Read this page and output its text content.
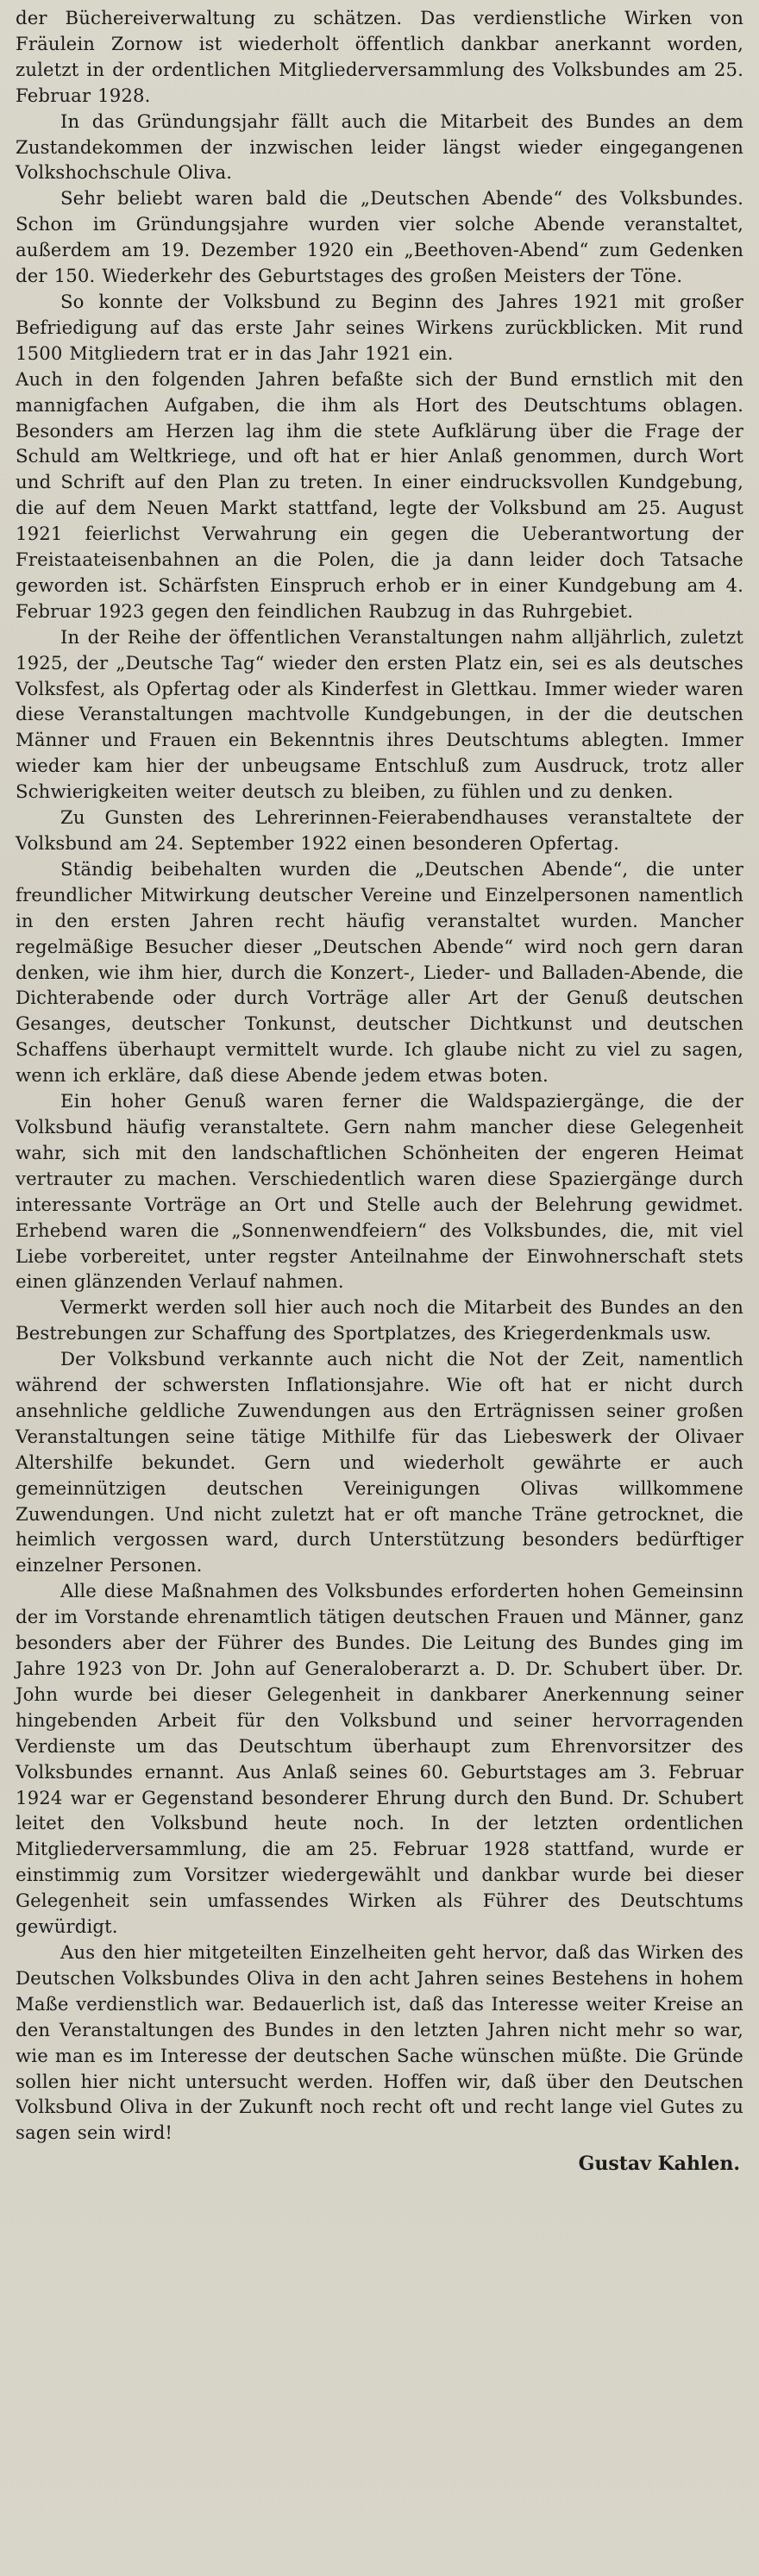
der Büchereiverwaltung zu schätzen. Das verdienstliche Wirken von Fräulein Zornow ist wiederholt öffentlich dankbar anerkannt worden, zuletzt in der ordentlichen Mitgliederversammlung des Volksbundes am 25. Februar 1928.

In das Gründungsjahr fällt auch die Mitarbeit des Bundes an dem Zustandekommen der inzwischen leider längst wieder eingegangenen Volkshochschule Oliva.

Sehr beliebt waren bald die „Deutschen Abende“ des Volksbundes. Schon im Gründungsjahre wurden vier solche Abende veranstaltet, außerdem am 19. Dezember 1920 ein „Beethoven-Abend“ zum Gedenken der 150. Wiederkehr des Geburtstages des großen Meisters der Töne.

So konnte der Volksbund zu Beginn des Jahres 1921 mit großer Befriedigung auf das erste Jahr seines Wirkens zurückblicken. Mit rund 1500 Mitgliedern trat er in das Jahr 1921 ein.

Auch in den folgenden Jahren befaßte sich der Bund ernstlich mit den mannigfachen Aufgaben, die ihm als Hort des Deutschtums oblagen. Besonders am Herzen lag ihm die stete Aufklärung über die Frage der Schuld am Weltkriege, und oft hat er hier Anlaß genommen, durch Wort und Schrift auf den Plan zu treten. In einer eindrucksvollen Kundgebung, die auf dem Neuen Markt stattfand, legte der Volksbund am 25. August 1921 feierlichst Verwahrung ein gegen die Ueberantwortung der Freistaateisenbahnen an die Polen, die ja dann leider doch Tatsache geworden ist. Schärfsten Einspruch erhob er in einer Kundgebung am 4. Februar 1923 gegen den feindlichen Raubzug in das Ruhrgebiet.

In der Reihe der öffentlichen Veranstaltungen nahm alljährlich, zuletzt 1925, der „Deutsche Tag“ wieder den ersten Platz ein, sei es als deutsches Volksfest, als Opfertag oder als Kinderfest in Glettkau. Immer wieder waren diese Veranstaltungen machtvolle Kundgebungen, in der die deutschen Männer und Frauen ein Bekenntnis ihres Deutschtums ablegten. Immer wieder kam hier der unbeugsame Entschluß zum Ausdruck, trotz aller Schwierigkeiten weiter deutsch zu bleiben, zu fühlen und zu denken.

Zu Gunsten des Lehrerinnen-Feierabendhauses veranstaltete der Volksbund am 24. September 1922 einen besonderen Opfertag.

Ständig beibehalten wurden die „Deutschen Abende“, die unter freundlicher Mitwirkung deutscher Vereine und Einzelpersonen namentlich in den ersten Jahren recht häufig veranstaltet wurden. Mancher regelmäßige Besucher dieser „Deutschen Abende“ wird noch gern daran denken, wie ihm hier, durch die Konzert-, Lieder- und Balladen-Abende, die Dichterabende oder durch Vorträge aller Art der Genuß deutschen Gesanges, deutscher Tonkunst, deutscher Dichtkunst und deutschen Schaffens überhaupt vermittelt wurde. Ich glaube nicht zu viel zu sagen, wenn ich erkläre, daß diese Abende jedem etwas boten.

Ein hoher Genuß waren ferner die Waldspaziergänge, die der Volksbund häufig veranstaltete. Gern nahm mancher diese Gelegenheit wahr, sich mit den landschaftlichen Schönheiten der engeren Heimat vertrauter zu machen. Verschiedentlich waren diese Spaziergänge durch interessante Vorträge an Ort und Stelle auch der Belehrung gewidmet. Erhebend waren die „Sonnenwendfeiern“ des Volksbundes, die, mit viel Liebe vorbereitet, unter regster Anteilnahme der Einwohnerschaft stets einen glänzenden Verlauf nahmen.

Vermerkt werden soll hier auch noch die Mitarbeit des Bundes an den Bestrebungen zur Schaffung des Sportplatzes, des Kriegerdenkmals usw.

Der Volksbund verkannte auch nicht die Not der Zeit, namentlich während der schwersten Inflationsjahre. Wie oft hat er nicht durch ansehnliche geldliche Zuwendungen aus den Erträgnissen seiner großen Veranstaltungen seine tätige Mithilfe für das Liebeswerk der Olivaer Altershilfe bekundet. Gern und wiederholt gewährte er auch gemeinnützigen deutschen Vereinigungen Olivas willkommene Zuwendungen. Und nicht zuletzt hat er oft manche Träne getrocknet, die heimlich vergossen ward, durch Unterstützung besonders bedürftiger einzelner Personen.

Alle diese Maßnahmen des Volksbundes erforderten hohen Gemeinsinn der im Vorstande ehrenamtlich tätigen deutschen Frauen und Männer, ganz besonders aber der Führer des Bundes. Die Leitung des Bundes ging im Jahre 1923 von Dr. John auf Generaloberarzt a. D. Dr. Schubert über. Dr. John wurde bei dieser Gelegenheit in dankbarer Anerkennung seiner hingebenden Arbeit für den Volksbund und seiner hervorragenden Verdienste um das Deutschtum überhaupt zum Ehrenvorsitzer des Volksbundes ernannt. Aus Anlaß seines 60. Geburtstages am 3. Februar 1924 war er Gegenstand besonderer Ehrung durch den Bund. Dr. Schubert leitet den Volksbund heute noch. In der letzten ordentlichen Mitgliederversammlung, die am 25. Februar 1928 stattfand, wurde er einstimmig zum Vorsitzer wiedergewählt und dankbar wurde bei dieser Gelegenheit sein umfassendes Wirken als Führer des Deutschtums gewürdigt.

Aus den hier mitgeteilten Einzelheiten geht hervor, daß das Wirken des Deutschen Volksbundes Oliva in den acht Jahren seines Bestehens in hohem Maße verdienstlich war. Bedauerlich ist, daß das Interesse weiter Kreise an den Veranstaltungen des Bundes in den letzten Jahren nicht mehr so war, wie man es im Interesse der deutschen Sache wünschen müßte. Die Gründe sollen hier nicht untersucht werden. Hoffen wir, daß über den Deutschen Volksbund Oliva in der Zukunft noch recht oft und recht lange viel Gutes zu sagen sein wird!

Gustav Kahlen.
